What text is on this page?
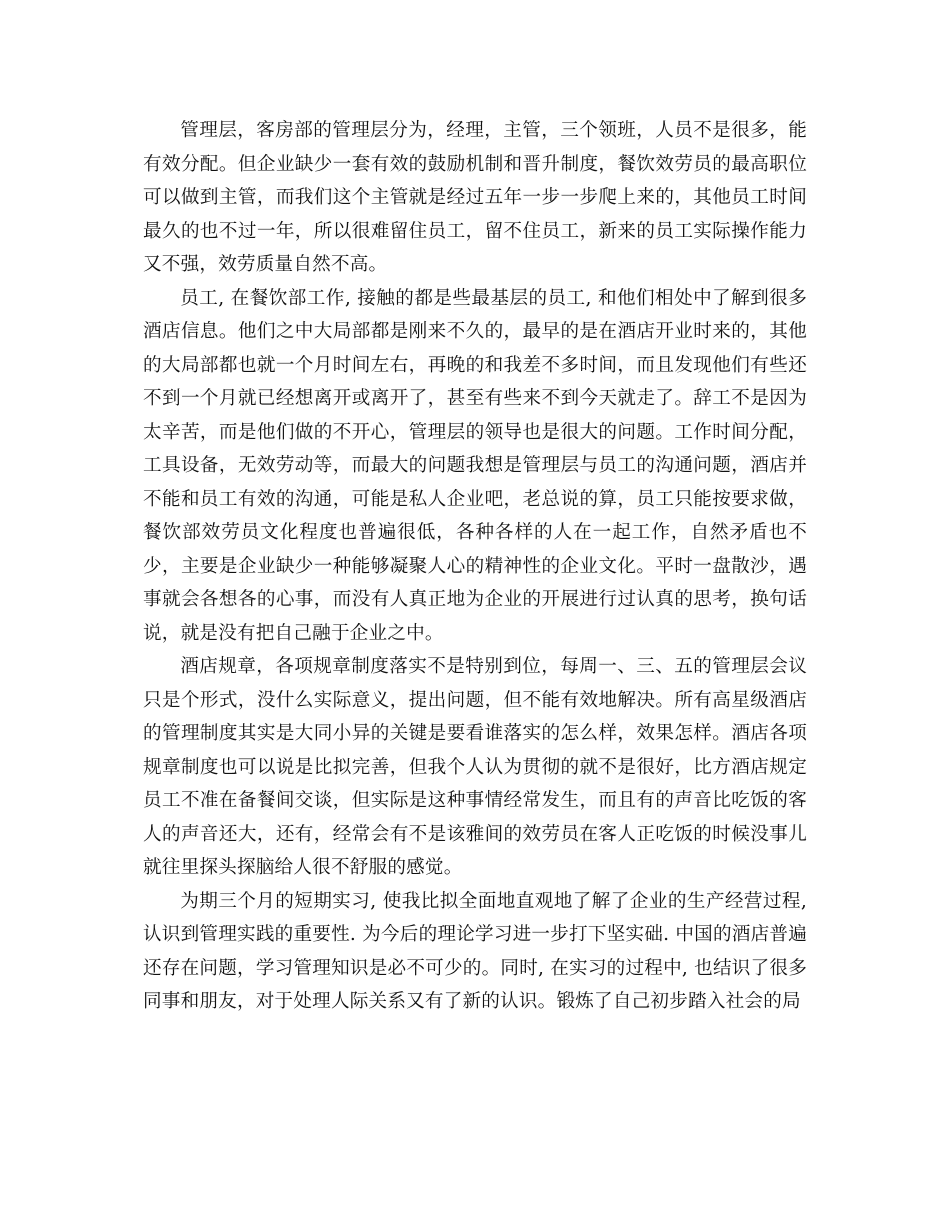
管理层，客房部的管理层分为，经理，主管，三个领班，人员不是很多，能有效分配。但企业缺少一套有效的鼓励机制和晋升制度，餐饮效劳员的最高职位可以做到主管，而我们这个主管就是经过五年一步一步爬上来的，其他员工时间最久的也不过一年，所以很难留住员工，留不住员工，新来的员工实际操作能力又不强，效劳质量自然不高。

员工, 在餐饮部工作, 接触的都是些最基层的员工, 和他们相处中了解到很多酒店信息。他们之中大局部都是刚来不久的，最早的是在酒店开业时来的，其他的大局部都也就一个月时间左右，再晚的和我差不多时间，而且发现他们有些还不到一个月就已经想离开或离开了，甚至有些来不到今天就走了。辞工不是因为太辛苦，而是他们做的不开心，管理层的领导也是很大的问题。工作时间分配，工具设备，无效劳动等，而最大的问题我想是管理层与员工的沟通问题，酒店并不能和员工有效的沟通，可能是私人企业吧，老总说的算，员工只能按要求做，餐饮部效劳员文化程度也普遍很低，各种各样的人在一起工作，自然矛盾也不少，主要是企业缺少一种能够凝聚人心的精神性的企业文化。平时一盘散沙，遇事就会各想各的心事，而没有人真正地为企业的开展进行过认真的思考，换句话说，就是没有把自己融于企业之中。

酒店规章，各项规章制度落实不是特别到位，每周一、三、五的管理层会议只是个形式，没什么实际意义，提出问题，但不能有效地解决。所有高星级酒店的管理制度其实是大同小异的关键是要看谁落实的怎么样，效果怎样。酒店各项规章制度也可以说是比拟完善，但我个人认为贯彻的就不是很好，比方酒店规定员工不准在备餐间交谈，但实际是这种事情经常发生，而且有的声音比吃饭的客人的声音还大，还有，经常会有不是该雅间的效劳员在客人正吃饭的时候没事儿就往里探头探脑给人很不舒服的感觉。

为期三个月的短期实习, 使我比拟全面地直观地了解了企业的生产经营过程, 认识到管理实践的重要性. 为今后的理论学习进一步打下坚实础. 中国的酒店普遍还存在问题，学习管理知识是必不可少的。同时, 在实习的过程中, 也结识了很多同事和朋友，对于处理人际关系又有了新的认识。锻炼了自己初步踏入社会的局
